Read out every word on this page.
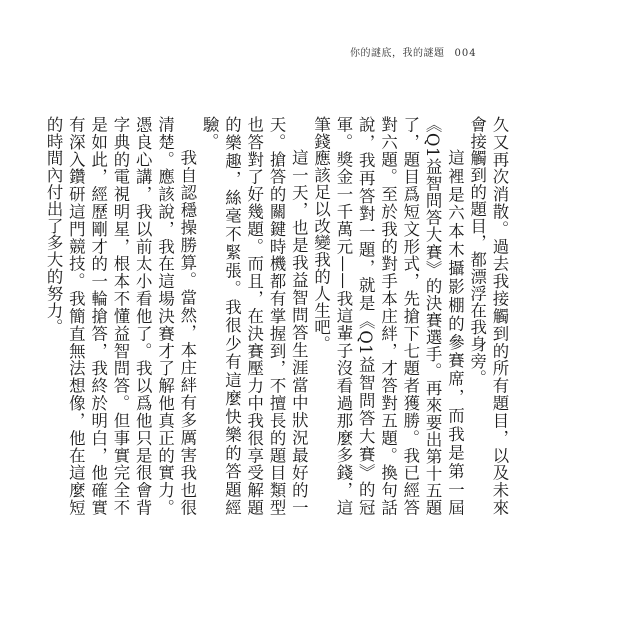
你的謎底，我的謎題 004

久又再次消散。過去我接觸到的所有題目，以及未來會接觸到的題目，都漂浮在我身旁。

這裡是六本木攝影棚的參賽席，而我是第一屆《Q1益智問答大賽》的決賽選手。再來要出第十五題了，題目爲短文形式，先搶下七題者獲勝。我已經答對六題。至於我的對手本庄絆，才答對五題。換句話說，我再答對一題，就是《Q1益智問答大賽》的冠軍。獎金一千萬元——我這輩子沒看過那麼多錢，這筆錢應該足以改變我的人生吧。

這一天，也是我益智問答生涯當中狀況最好的一天。搶答的關鍵時機都有掌握到，不擅長的題目類型也答對了好幾題。而且，在決賽壓力中我很享受解題的樂趣，絲毫不緊張。我很少有這麼快樂的答題經驗。

我自認穩操勝算。當然，本庄絆有多厲害我也很清楚。應該說，我在這場決賽才了解他真正的實力。憑良心講，我以前太小看他了。我以爲他只是很會背字典的電視明星，根本不懂益智問答。但事實完全不是如此，經歷剛才的一輪搶答，我終於明白，他確實有深入鑽研這門競技。我簡直無法想像，他在這麼短的時間內付出了多大的努力。
